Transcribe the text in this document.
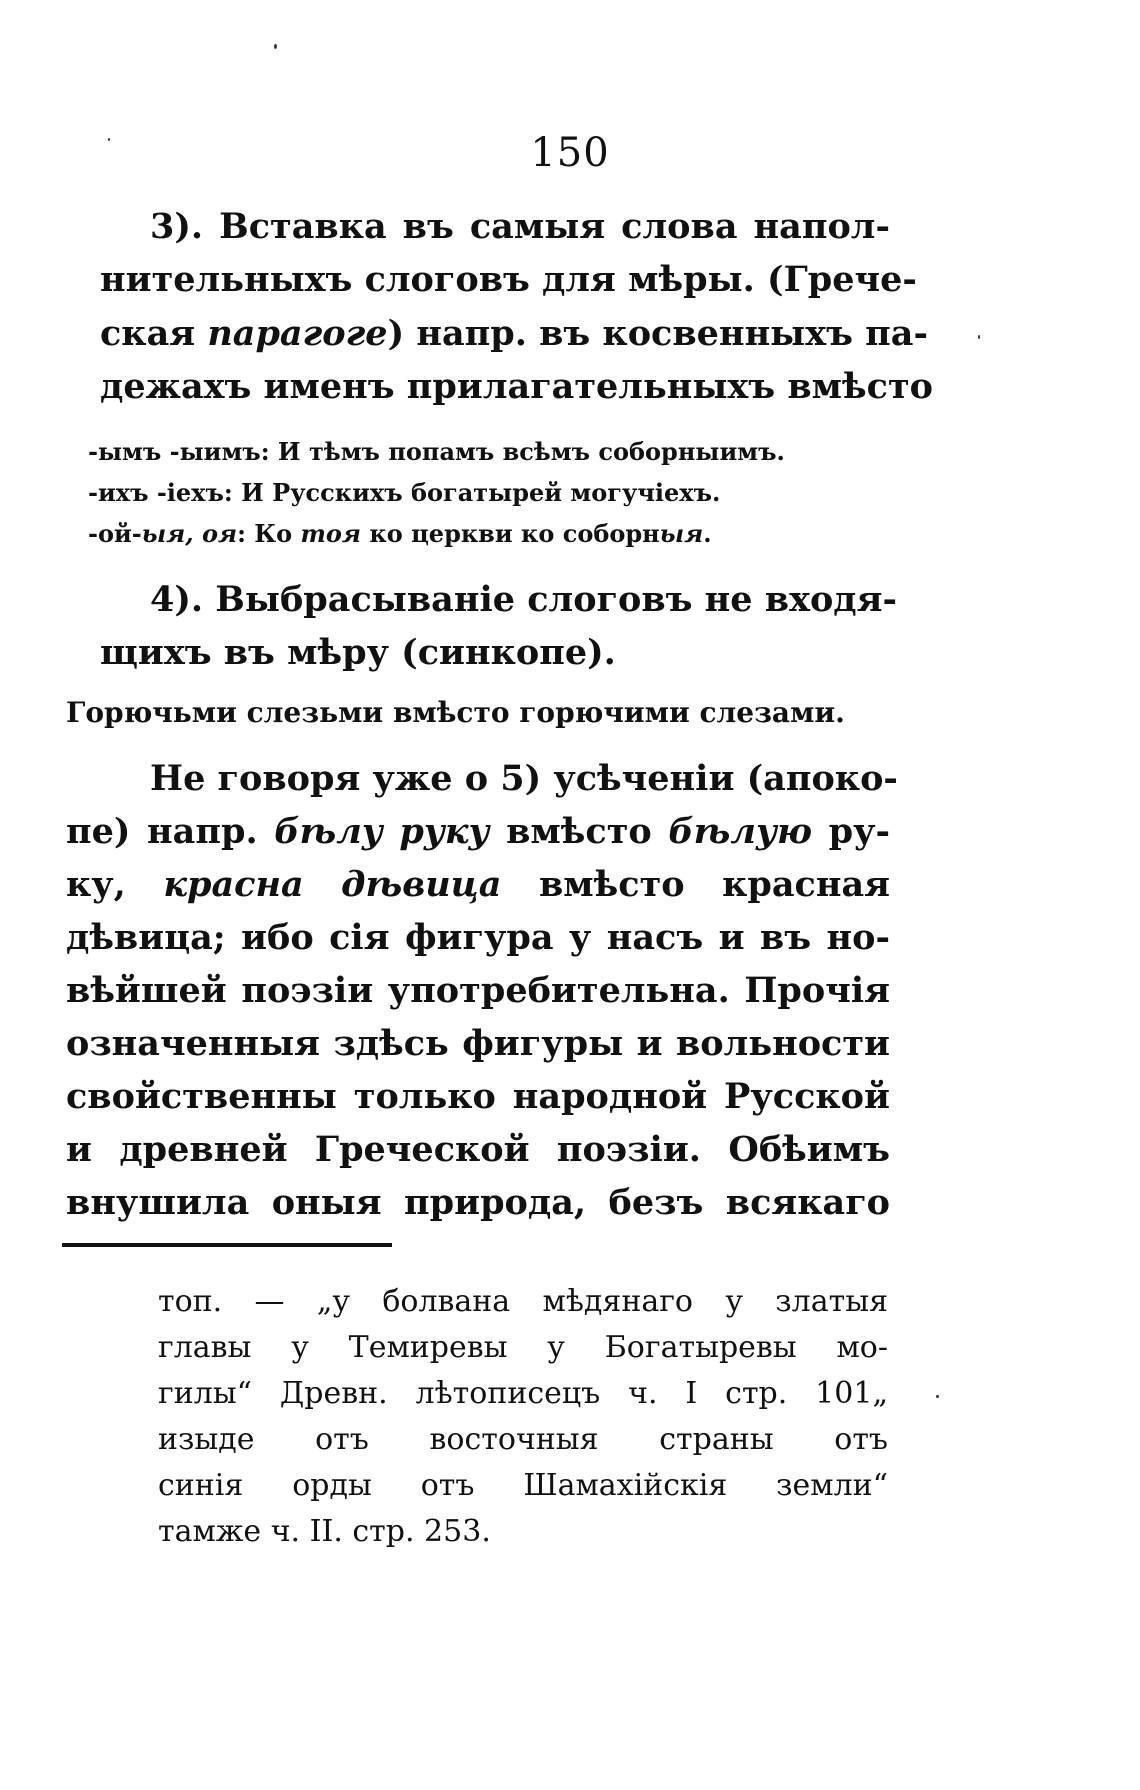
150
3). Вставка въ самыя слова напол-
нительныхъ слоговъ для мѣры. (Грече-
ская парагоге) напр. въ косвенныхъ па-
дежахъ именъ прилагательныхъ вмѣсто
-ымъ -ыимъ: И тѣмъ попамъ всѣмъ соборныимъ.
-ихъ -iехъ: И Русскихъ богатырей могучiехъ.
-ой-ыя, оя: Ко тоя ко церкви ко соборныя.
4). Выбрасыванiе слоговъ не входя-
щихъ въ мѣру (синкопе).
Горючьми слезьми вмѣсто горючими слезами.
Не говоря уже о 5) усѣченiи (апоко-
пе) напр. бѣлу руку вмѣсто бѣлую ру-
ку, красна дѣвица вмѣсто красная
дѣвица; ибо сiя фигура у насъ и въ но-
вѣйшей поэзiи употребительна. Прочiя
означенныя здѣсь фигуры и вольности
свойственны только народной Русской
и древней Греческой поэзiи. Обѣимъ
внушила оныя природа, безъ всякаго
топ. — „у болвана мѣдянаго у златыя
главы у Темиревы у Богатыревы мо-
гилы“ Древн. лѣтописецъ ч. I стр. 101„
изыде отъ восточныя страны отъ
синiя орды отъ Шамахiйскiя земли“
тамже ч. II. стр. 253.
